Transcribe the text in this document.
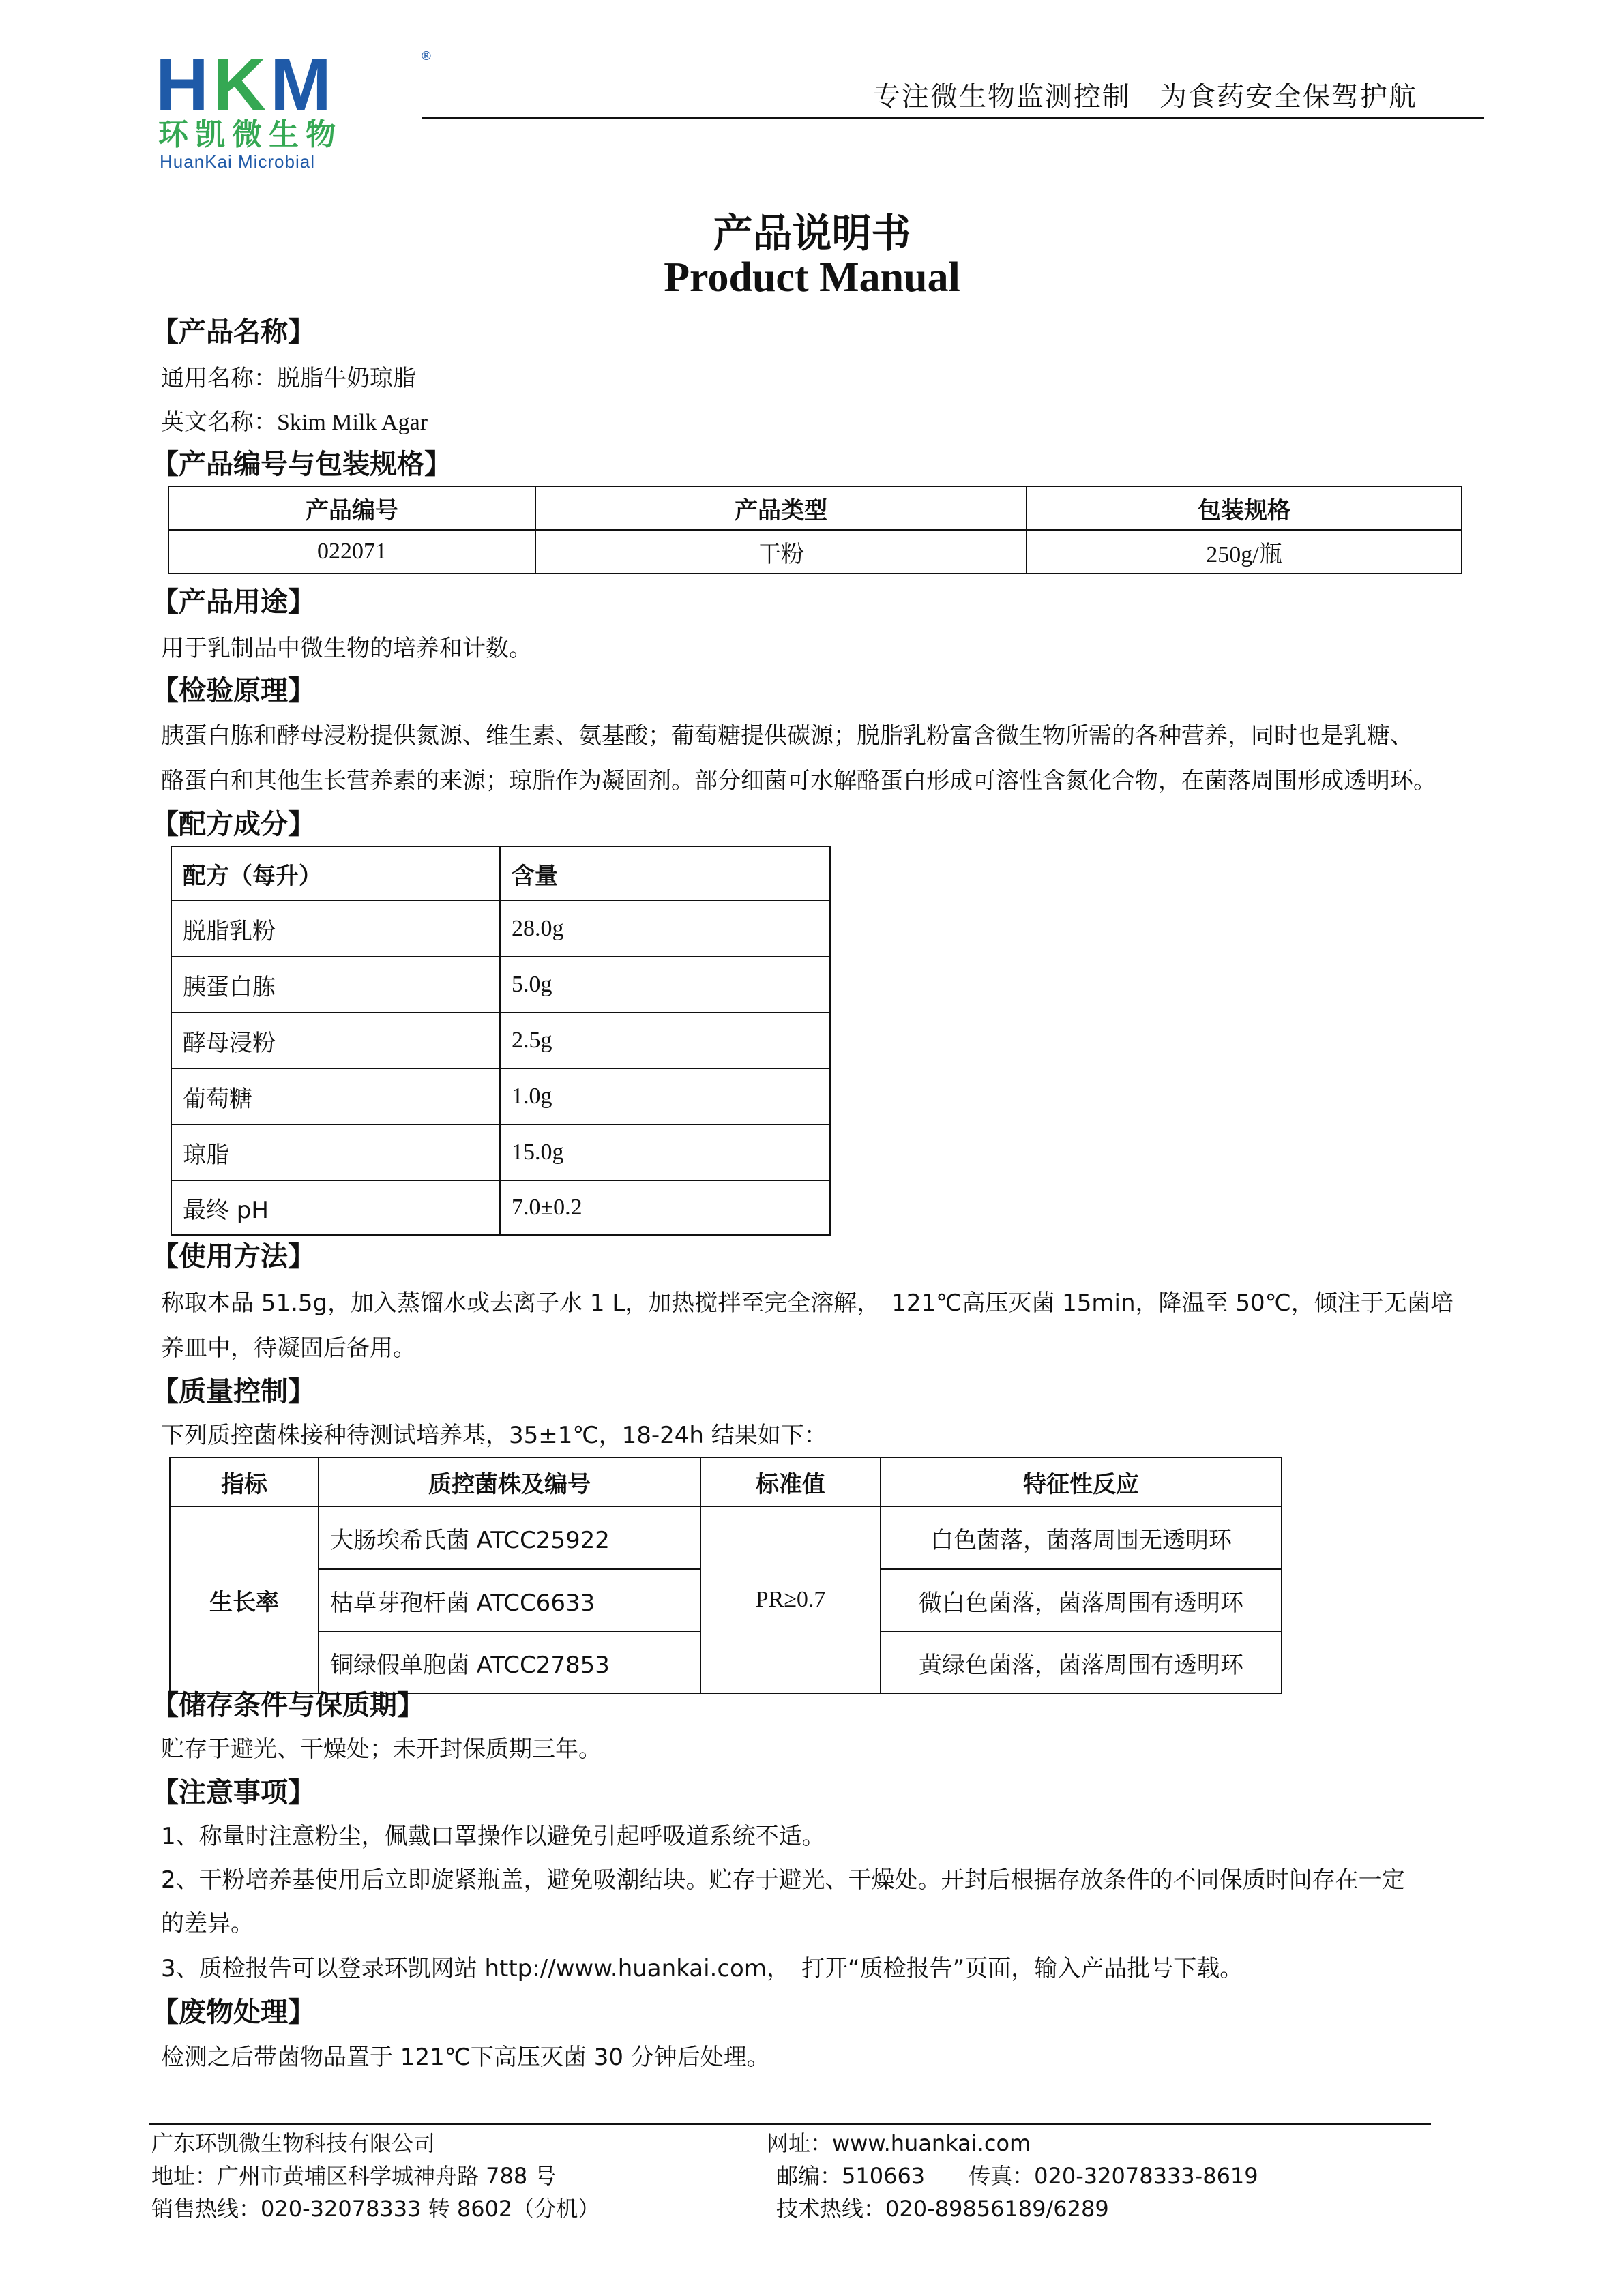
HKM	®
环凯微生物
HuanKai Microbial
专注微生物监测控制　为食药安全保驾护航
产品说明书
Product Manual
【产品名称】
通用名称：脱脂牛奶琼脂
英文名称：Skim Milk Agar
【产品编号与包装规格】
产品编号	产品类型	包装规格
022071	干粉	250g/瓶
【产品用途】
用于乳制品中微生物的培养和计数。
【检验原理】
胰蛋白胨和酵母浸粉提供氮源、维生素、氨基酸；葡萄糖提供碳源；脱脂乳粉富含微生物所需的各种营养，同时也是乳糖、
酪蛋白和其他生长营养素的来源；琼脂作为凝固剂。部分细菌可水解酪蛋白形成可溶性含氮化合物，在菌落周围形成透明环。
【配方成分】
配方（每升）	含量
脱脂乳粉	28.0g
胰蛋白胨	5.0g
酵母浸粉	2.5g
葡萄糖	1.0g
琼脂	15.0g
最终 pH	7.0±0.2
【使用方法】
称取本品 51.5g，加入蒸馏水或去离子水 1 L，加热搅拌至完全溶解，　121℃高压灭菌 15min，降温至 50℃，倾注于无菌培
养皿中，待凝固后备用。
【质量控制】
下列质控菌株接种待测试培养基，35±1℃，18-24h 结果如下：
指标	质控菌株及编号	标准值	特征性反应
生长率	大肠埃希氏菌 ATCC25922	PR≥0.7	白色菌落，菌落周围无透明环
	枯草芽孢杆菌 ATCC6633		微白色菌落，菌落周围有透明环
	铜绿假单胞菌 ATCC27853		黄绿色菌落，菌落周围有透明环
【储存条件与保质期】
贮存于避光、干燥处；未开封保质期三年。
【注意事项】
1、称量时注意粉尘，佩戴口罩操作以避免引起呼吸道系统不适。
2、干粉培养基使用后立即旋紧瓶盖，避免吸潮结块。贮存于避光、干燥处。开封后根据存放条件的不同保质时间存在一定
的差异。
3、质检报告可以登录环凯网站 http://www.huankai.com，　打开“质检报告”页面，输入产品批号下载。
【废物处理】
检测之后带菌物品置于 121℃下高压灭菌 30 分钟后处理。
广东环凯微生物科技有限公司	网址：www.huankai.com
地址：广州市黄埔区科学城神舟路 788 号	邮编：510663　　传真：020-32078333-8619
销售热线：020-32078333 转 8602（分机）	技术热线：020-89856189/6289
